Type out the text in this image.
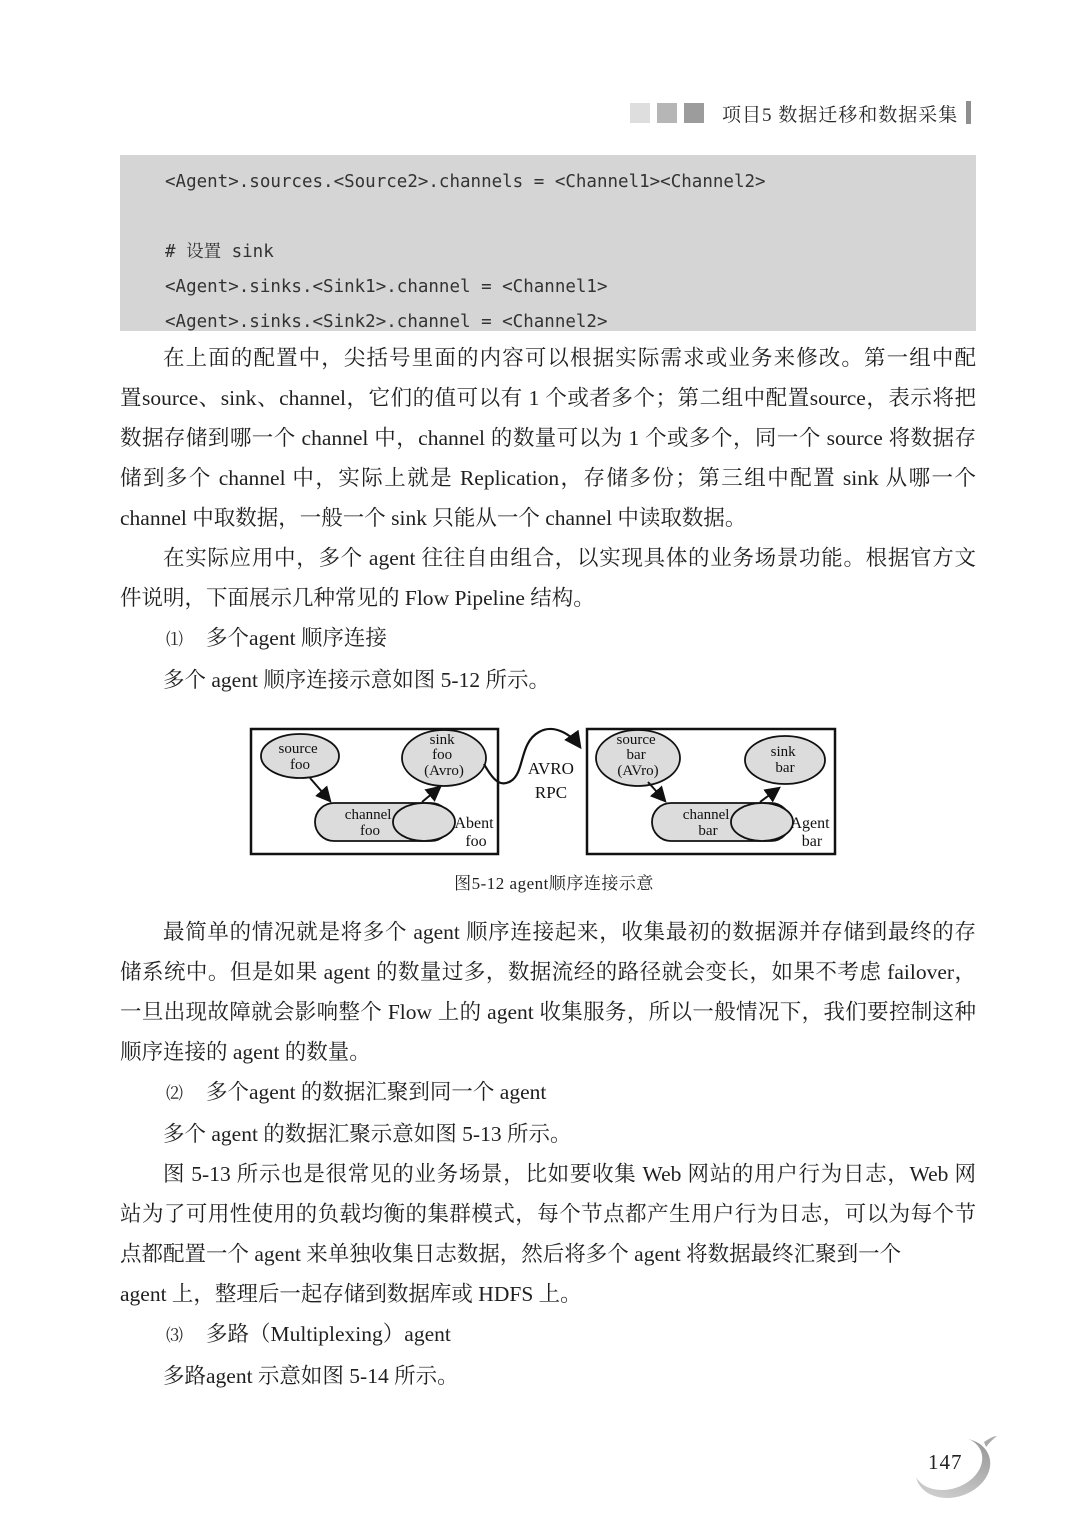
项目5 数据迁移和数据采集
<Agent>.sources.<Source2>.channels = <Channel1><Channel2>
# 设置 sink
<Agent>.sinks.<Sink1>.channel = <Channel1>
<Agent>.sinks.<Sink2>.channel = <Channel2>
在上面的配置中，尖括号里面的内容可以根据实际需求或业务来修改。第一组中配
置source、sink、channel，它们的值可以有 1 个或者多个；第二组中配置source，表示将把
数据存储到哪一个 channel 中，channel 的数量可以为 1 个或多个，同一个 source 将数据存
储到多个 channel 中，实际上就是 Replication，存储多份；第三组中配置 sink 从哪一个
channel 中取数据，一般一个 sink 只能从一个 channel 中读取数据。
在实际应用中，多个 agent 往往自由组合，以实现具体的业务场景功能。根据官方文
件说明，下面展示几种常见的 Flow Pipeline 结构。
⑴ 多个agent 顺序连接
多个 agent 顺序连接示意如图 5-12 所示。
source foo
sink foo (Avro)
channel foo	Abent foo
AVRO RPC
source bar (AVro)
sink bar
channel bar	Agent bar
图5-12 agent顺序连接示意
最简单的情况就是将多个 agent 顺序连接起来，收集最初的数据源并存储到最终的存
储系统中。但是如果 agent 的数量过多，数据流经的路径就会变长，如果不考虑 failover，
一旦出现故障就会影响整个 Flow 上的 agent 收集服务，所以一般情况下，我们要控制这种
顺序连接的 agent 的数量。
⑵ 多个agent 的数据汇聚到同一个 agent
多个 agent 的数据汇聚示意如图 5-13 所示。
图 5-13 所示也是很常见的业务场景，比如要收集 Web 网站的用户行为日志，Web 网
站为了可用性使用的负载均衡的集群模式，每个节点都产生用户行为日志，可以为每个节
点都配置一个 agent 来单独收集日志数据，然后将多个 agent 将数据最终汇聚到一个
agent 上，整理后一起存储到数据库或 HDFS 上。
⑶ 多路（Multiplexing）agent
多路agent 示意如图 5-14 所示。
147
